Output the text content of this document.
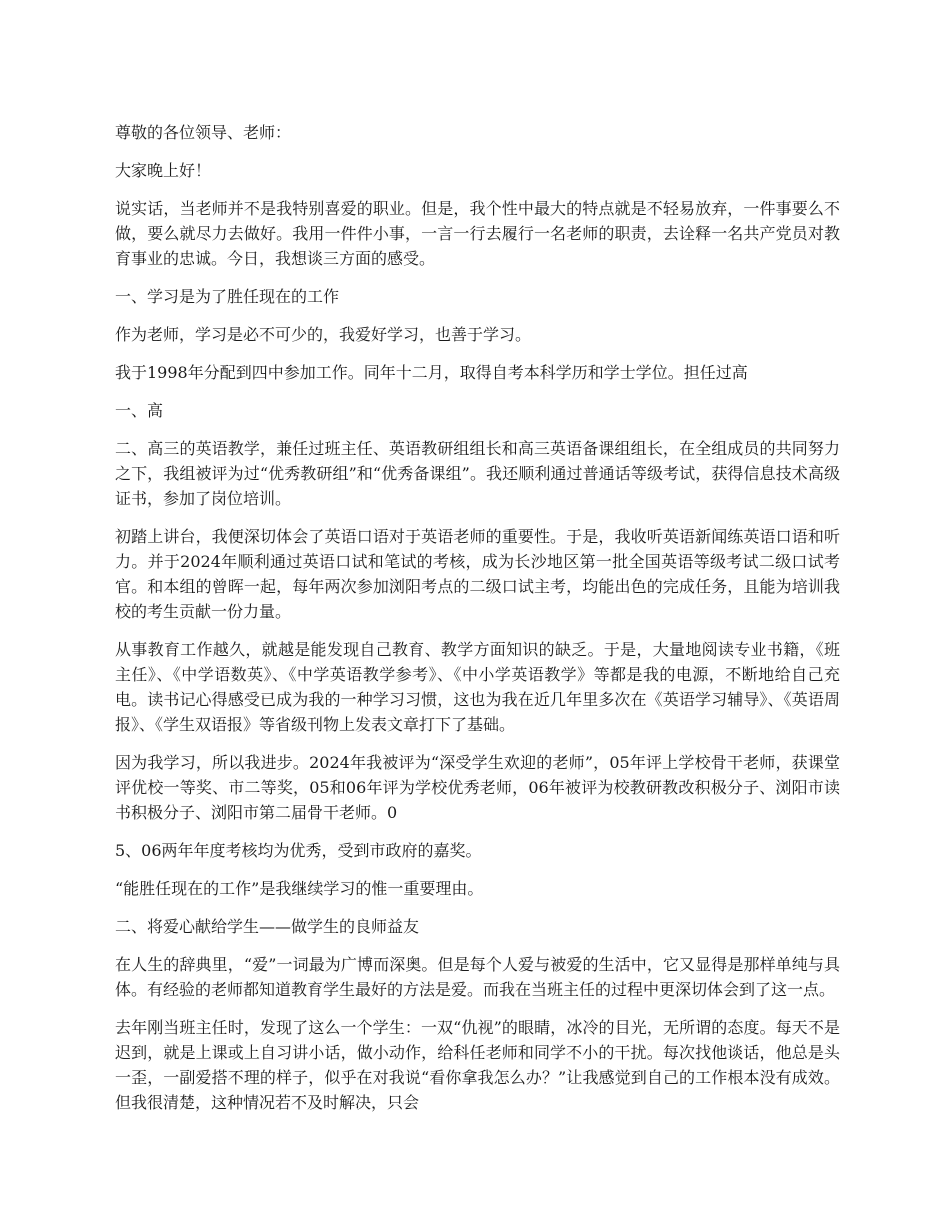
尊敬的各位领导、老师：

大家晚上好！

说实话，当老师并不是我特别喜爱的职业。但是，我个性中最大的特点就是不轻易放弃，一件事要么不做，要么就尽力去做好。我用一件件小事，一言一行去履行一名老师的职责，去诠释一名共产党员对教育事业的忠诚。今日，我想谈三方面的感受。

一、学习是为了胜任现在的工作

作为老师，学习是必不可少的，我爱好学习，也善于学习。

我于1998年分配到四中参加工作。同年十二月，取得自考本科学历和学士学位。担任过高

一、高

二、高三的英语教学，兼任过班主任、英语教研组组长和高三英语备课组组长，在全组成员的共同努力之下，我组被评为过“优秀教研组”和“优秀备课组”。我还顺利通过普通话等级考试，获得信息技术高级证书，参加了岗位培训。

初踏上讲台，我便深切体会了英语口语对于英语老师的重要性。于是，我收听英语新闻练英语口语和听力。并于2024年顺利通过英语口试和笔试的考核，成为长沙地区第一批全国英语等级考试二级口试考官。和本组的曾晖一起，每年两次参加浏阳考点的二级口试主考，均能出色的完成任务，且能为培训我校的考生贡献一份力量。

从事教育工作越久，就越是能发现自己教育、教学方面知识的缺乏。于是，大量地阅读专业书籍，《班主任》、《中学语数英》、《中学英语教学参考》、《中小学英语教学》等都是我的电源，不断地给自己充电。读书记心得感受已成为我的一种学习习惯，这也为我在近几年里多次在《英语学习辅导》、《英语周报》、《学生双语报》等省级刊物上发表文章打下了基础。

因为我学习，所以我进步。2024年我被评为“深受学生欢迎的老师”，05年评上学校骨干老师，获课堂评优校一等奖、市二等奖，05和06年评为学校优秀老师，06年被评为校教研教改积极分子、浏阳市读书积极分子、浏阳市第二届骨干老师。0

5、06两年年度考核均为优秀，受到市政府的嘉奖。

“能胜任现在的工作”是我继续学习的惟一重要理由。

二、将爱心献给学生——做学生的良师益友

在人生的辞典里，“爱”一词最为广博而深奥。但是每个人爱与被爱的生活中，它又显得是那样单纯与具体。有经验的老师都知道教育学生最好的方法是爱。而我在当班主任的过程中更深切体会到了这一点。

去年刚当班主任时，发现了这么一个学生：一双“仇视”的眼睛，冰冷的目光，无所谓的态度。每天不是迟到，就是上课或上自习讲小话，做小动作，给科任老师和同学不小的干扰。每次找他谈话，他总是头一歪，一副爱搭不理的样子，似乎在对我说“看你拿我怎么办？”让我感觉到自己的工作根本没有成效。但我很清楚，这种情况若不及时解决，只会
